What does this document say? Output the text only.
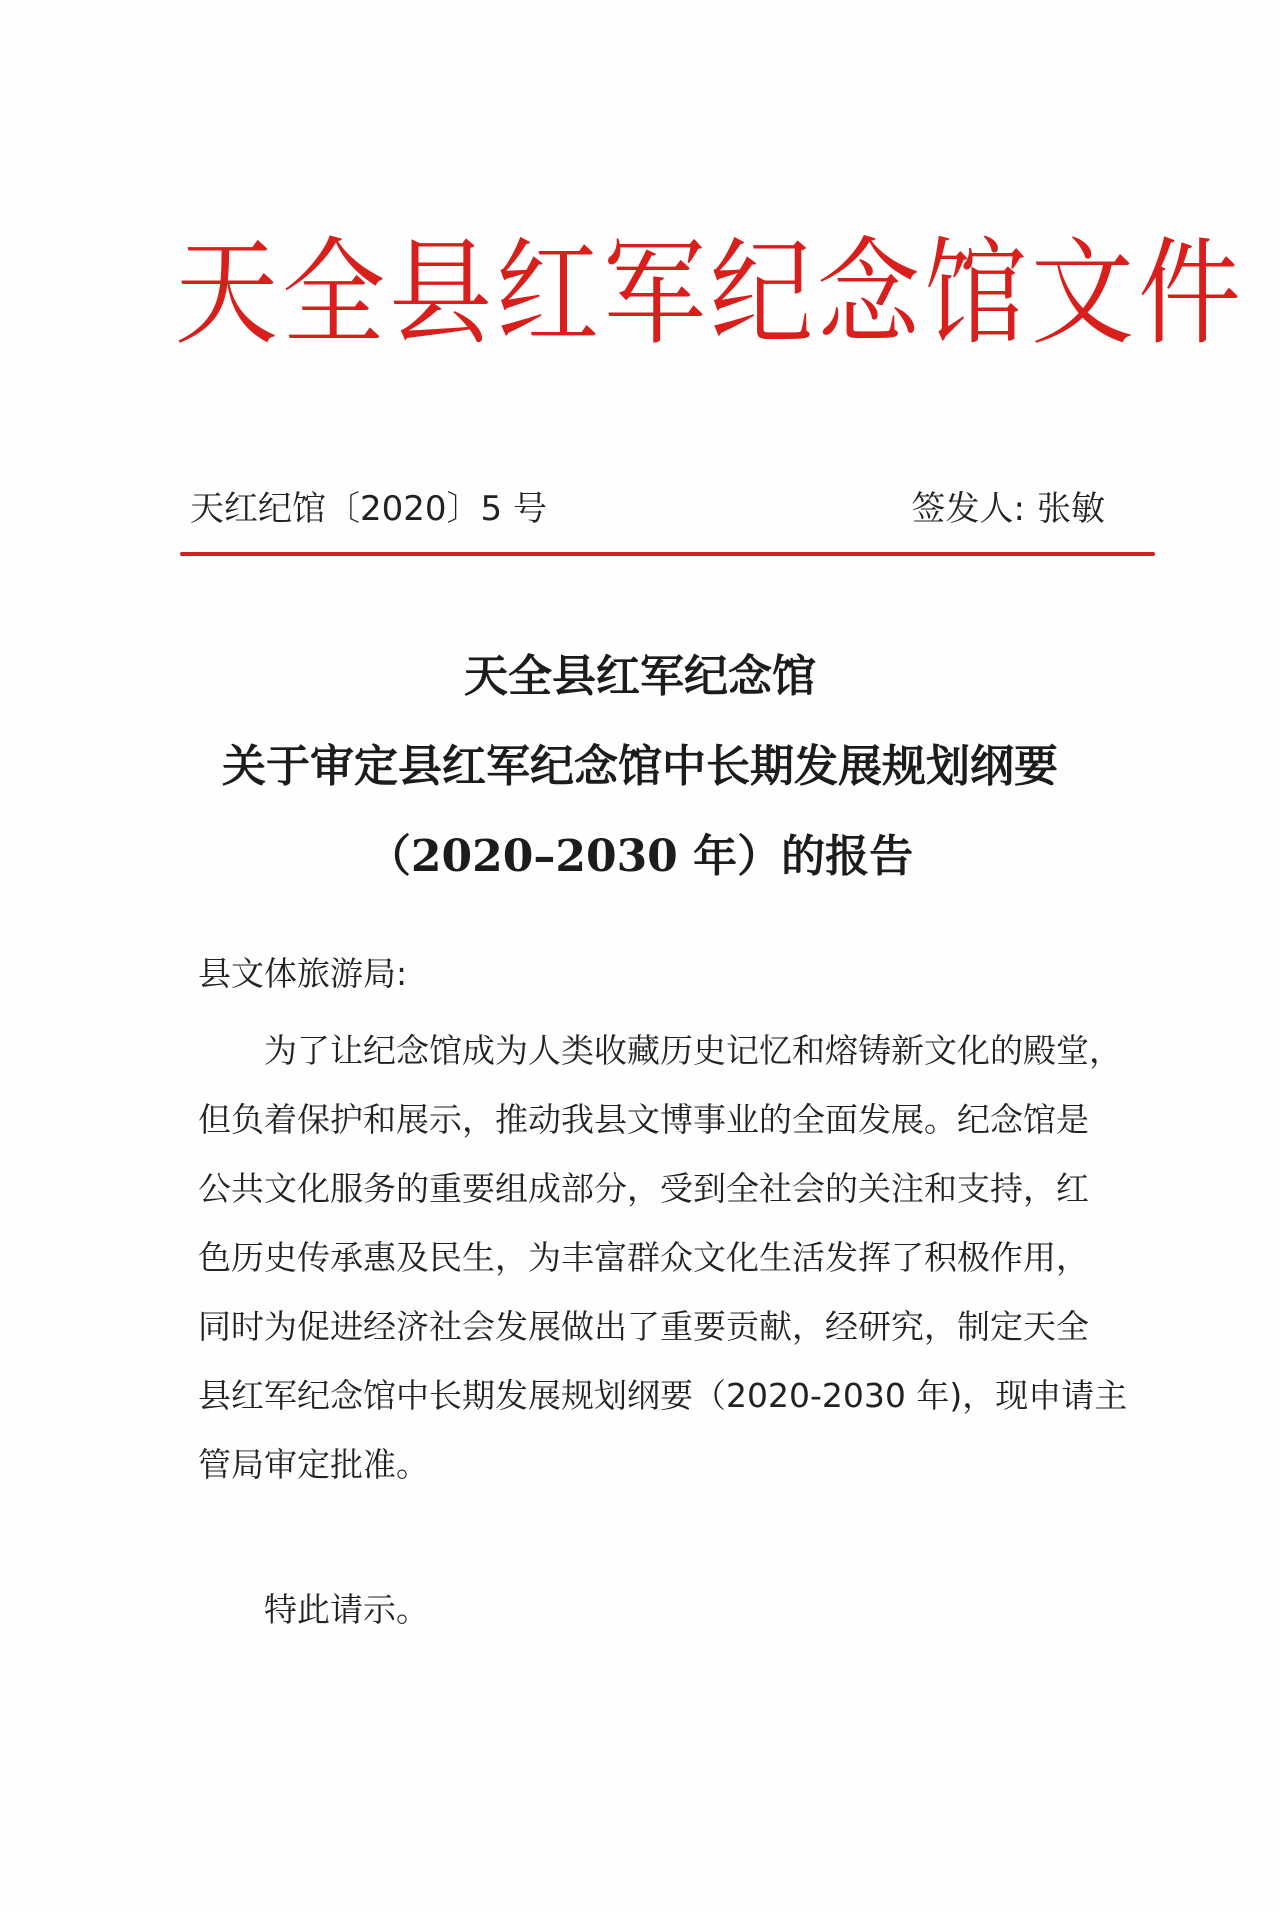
天全县红军纪念馆文件
天红纪馆〔2020〕5 号	签发人: 张敏
天全县红军纪念馆
关于审定县红军纪念馆中长期发展规划纲要
（2020–2030 年）的报告
县文体旅游局:
为了让纪念馆成为人类收藏历史记忆和熔铸新文化的殿堂，
但负着保护和展示，推动我县文博事业的全面发展。纪念馆是
公共文化服务的重要组成部分，受到全社会的关注和支持，红
色历史传承惠及民生，为丰富群众文化生活发挥了积极作用，
同时为促进经济社会发展做出了重要贡献，经研究，制定天全
县红军纪念馆中长期发展规划纲要（2020-2030 年)，现申请主
管局审定批准。
特此请示。
